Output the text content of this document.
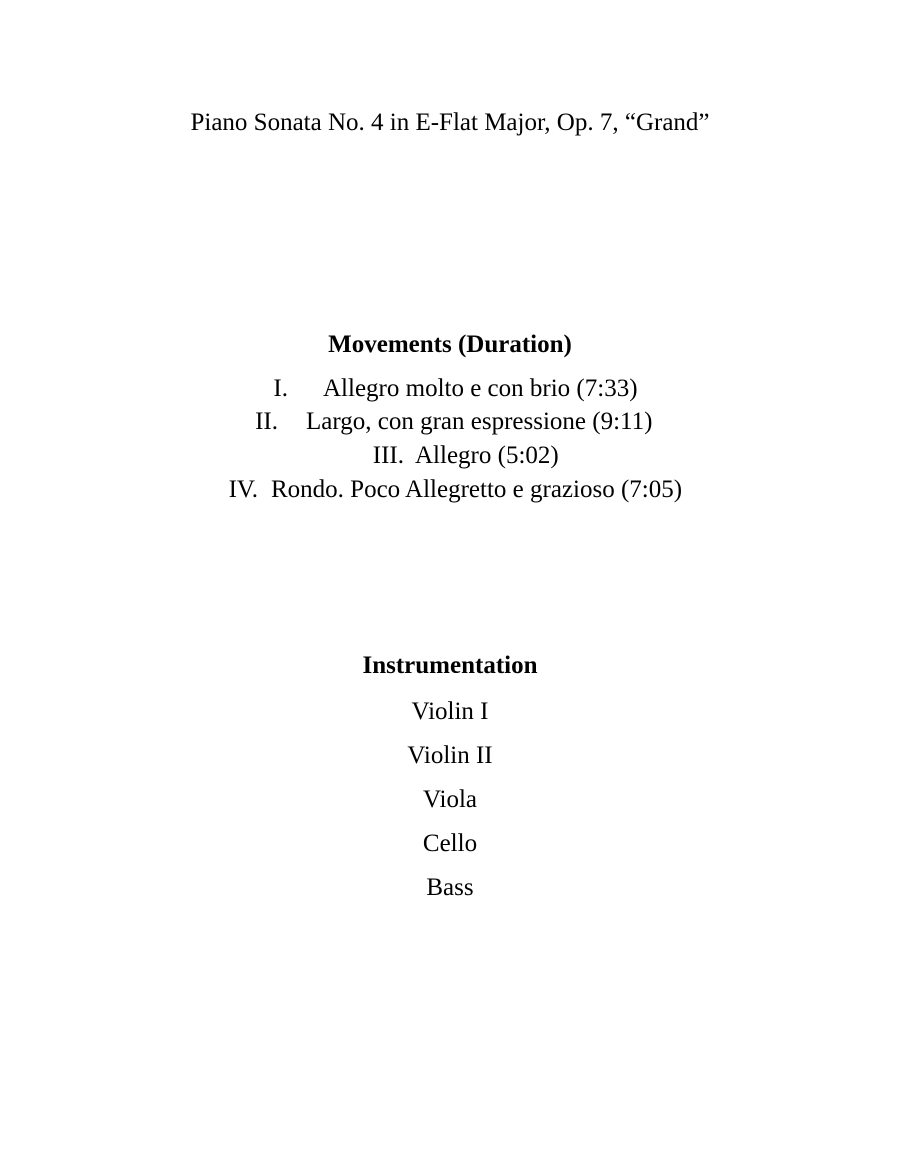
Piano Sonata No. 4 in E-Flat Major, Op. 7, “Grand”
Movements (Duration)
I. Allegro molto e con brio (7:33)
II. Largo, con gran espressione (9:11)
III. Allegro (5:02)
IV. Rondo. Poco Allegretto e grazioso (7:05)
Instrumentation
Violin I
Violin II
Viola
Cello
Bass
